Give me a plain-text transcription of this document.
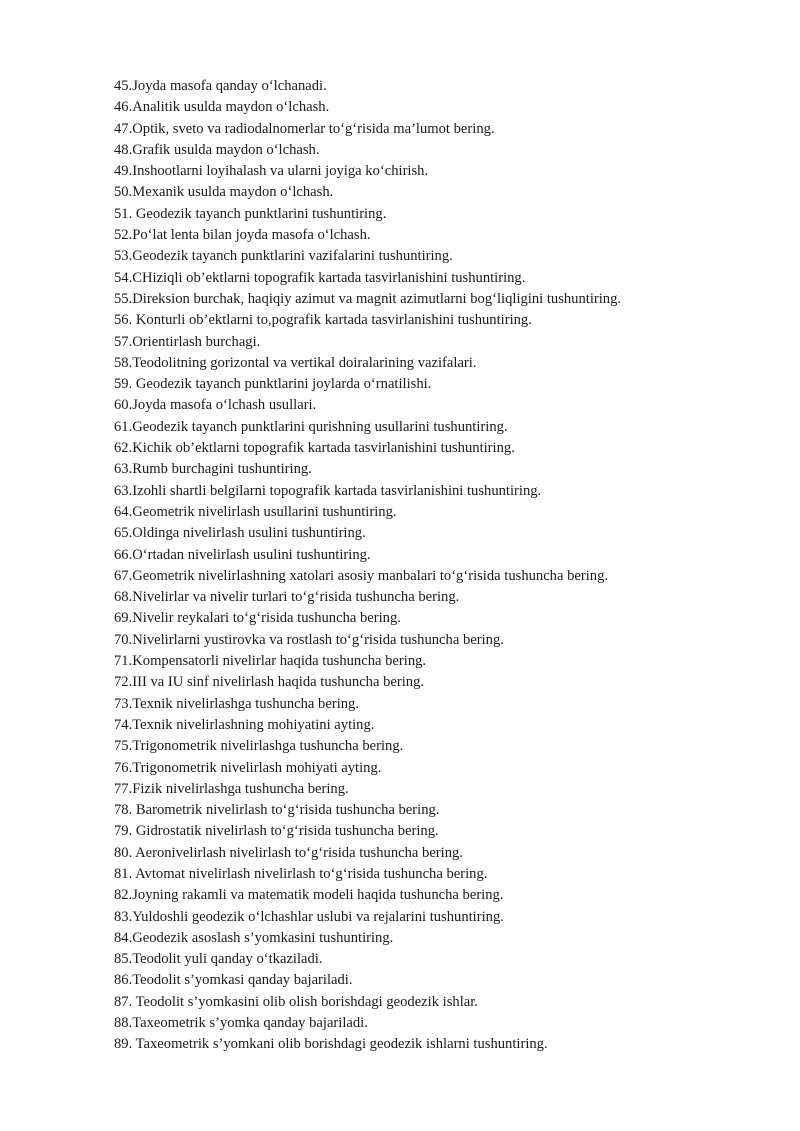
45.Joyda masofa qanday o‘lchanadi.
46.Analitik usulda maydon o‘lchash.
47.Optik, sveto va radiodalnomerlar to‘g‘risida ma’lumot bering.
48.Grafik usulda maydon o‘lchash.
49.Inshootlarni loyihalash va ularni joyiga ko‘chirish.
50.Mexanik usulda maydon o‘lchash.
51. Geodezik tayanch punktlarini tushuntiring.
52.Po‘lat lenta bilan joyda masofa o‘lchash.
53.Geodezik tayanch punktlarini vazifalarini tushuntiring.
54.CHiziqli ob’ektlarni topografik kartada tasvirlanishini tushuntiring.
55.Direksion burchak, haqiqiy azimut va magnit azimutlarni bog‘liqligini tushuntiring.
56. Konturli ob’ektlarni to,pografik kartada tasvirlanishini tushuntiring.
57.Orientirlash burchagi.
58.Teodolitning gorizontal va vertikal doiralarining vazifalari.
59. Geodezik tayanch punktlarini joylarda o‘rnatilishi.
60.Joyda masofa o‘lchash usullari.
61.Geodezik tayanch punktlarini qurishning usullarini tushuntiring.
62.Kichik ob’ektlarni topografik kartada tasvirlanishini tushuntiring.
63.Rumb burchagini tushuntiring.
63.Izohli shartli belgilarni topografik kartada tasvirlanishini tushuntiring.
64.Geometrik nivelirlash usullarini tushuntiring.
65.Oldinga nivelirlash usulini tushuntiring.
66.O‘rtadan nivelirlash usulini tushuntiring.
67.Geometrik nivelirlashning xatolari asosiy manbalari to‘g‘risida tushuncha bering.
68.Nivelirlar va nivelir turlari to‘g‘risida tushuncha bering.
69.Nivelir reykalari to‘g‘risida tushuncha bering.
70.Nivelirlarni yustirovka va rostlash to‘g‘risida tushuncha bering.
71.Kompensatorli nivelirlar haqida tushuncha bering.
72.III va IU sinf nivelirlash haqida tushuncha bering.
73.Texnik nivelirlashga tushuncha bering.
74.Texnik nivelirlashning mohiyatini ayting.
75.Trigonometrik nivelirlashga tushuncha bering.
76.Trigonometrik nivelirlash mohiyati ayting.
77.Fizik nivelirlashga tushuncha bering.
78. Barometrik nivelirlash to‘g‘risida tushuncha bering.
79. Gidrostatik nivelirlash to‘g‘risida tushuncha bering.
80. Aeronivelirlash nivelirlash to‘g‘risida tushuncha bering.
81. Avtomat nivelirlash nivelirlash to‘g‘risida tushuncha bering.
82.Joyning rakamli va matematik modeli haqida tushuncha bering.
83.Yuldoshli geodezik o‘lchashlar uslubi va rejalarini tushuntiring.
84.Geodezik asoslash s’yomkasini tushuntiring.
85.Teodolit yuli qanday o‘tkaziladi.
86.Teodolit s’yomkasi qanday bajariladi.
87. Teodolit s’yomkasini olib olish borishdagi geodezik ishlar.
88.Taxeometrik s’yomka qanday bajariladi.
89. Taxeometrik s’yomkani olib borishdagi geodezik ishlarni tushuntiring.
